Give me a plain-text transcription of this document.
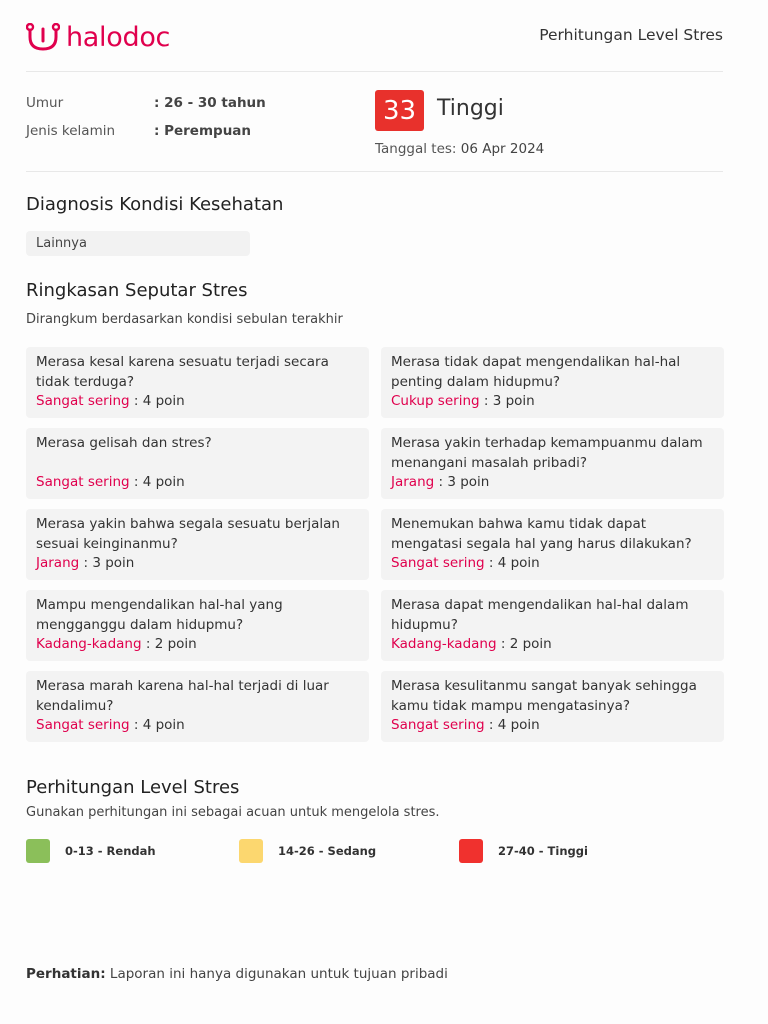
halodoc	Perhitungan Level Stres
Umur	: 26 - 30 tahun
Jenis kelamin	: Perempuan
33 Tinggi
Tanggal tes: 06 Apr 2024
Diagnosis Kondisi Kesehatan
Lainnya
Ringkasan Seputar Stres
Dirangkum berdasarkan kondisi sebulan terakhir
Merasa kesal karena sesuatu terjadi secara tidak terduga?
Sangat sering : 4 poin
Merasa tidak dapat mengendalikan hal-hal penting dalam hidupmu?
Cukup sering : 3 poin
Merasa gelisah dan stres?
Sangat sering : 4 poin
Merasa yakin terhadap kemampuanmu dalam menangani masalah pribadi?
Jarang : 3 poin
Merasa yakin bahwa segala sesuatu berjalan sesuai keinginanmu?
Jarang : 3 poin
Menemukan bahwa kamu tidak dapat mengatasi segala hal yang harus dilakukan?
Sangat sering : 4 poin
Mampu mengendalikan hal-hal yang mengganggu dalam hidupmu?
Kadang-kadang : 2 poin
Merasa dapat mengendalikan hal-hal dalam hidupmu?
Kadang-kadang : 2 poin
Merasa marah karena hal-hal terjadi di luar kendalimu?
Sangat sering : 4 poin
Merasa kesulitanmu sangat banyak sehingga kamu tidak mampu mengatasinya?
Sangat sering : 4 poin
Perhitungan Level Stres
Gunakan perhitungan ini sebagai acuan untuk mengelola stres.
0-13 - Rendah	14-26 - Sedang	27-40 - Tinggi
Perhatian: Laporan ini hanya digunakan untuk tujuan pribadi
